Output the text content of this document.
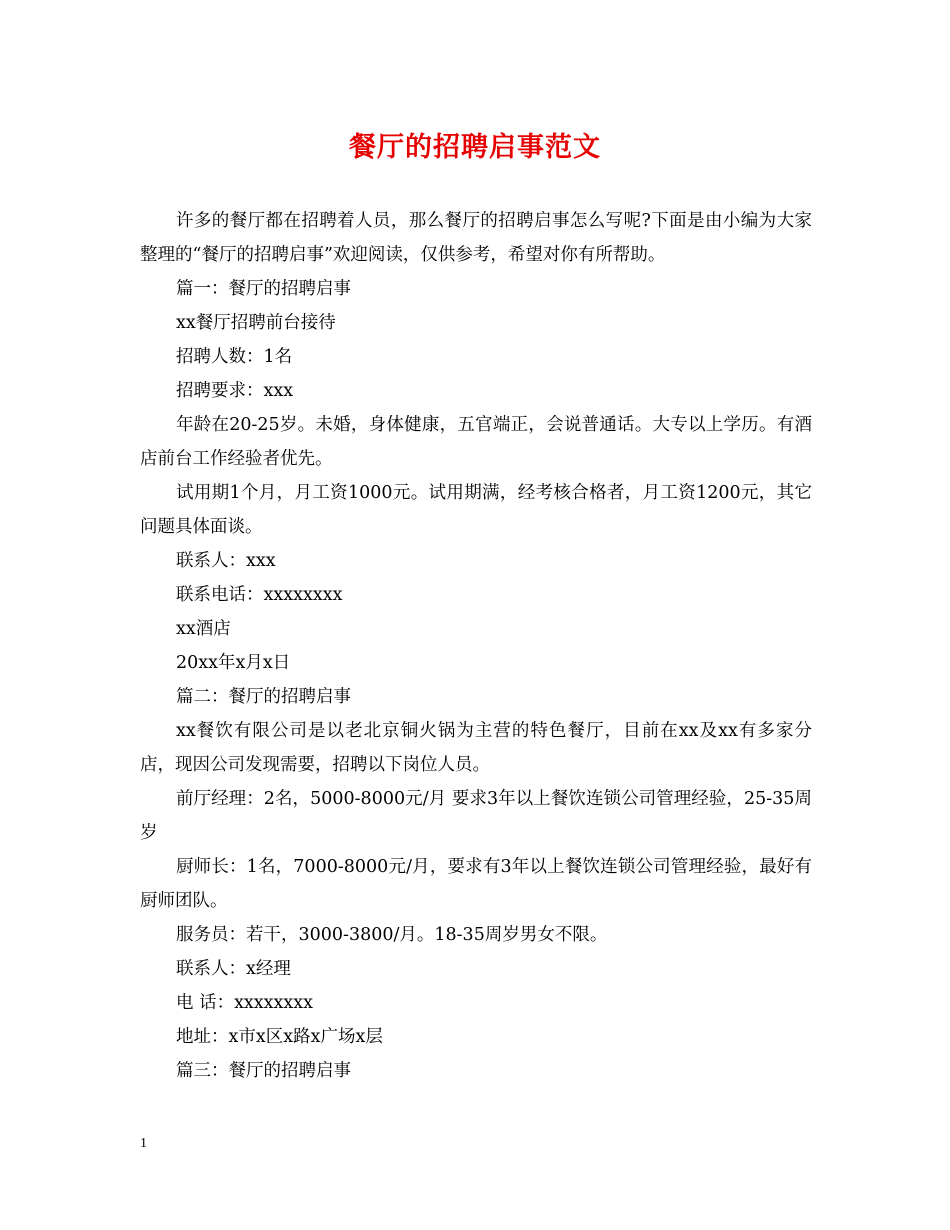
餐厅的招聘启事范文

许多的餐厅都在招聘着人员，那么餐厅的招聘启事怎么写呢?下面是由小编为大家整理的“餐厅的招聘启事”欢迎阅读，仅供参考，希望对你有所帮助。

篇一：餐厅的招聘启事

xx餐厅招聘前台接待

招聘人数：1名

招聘要求：xxx

年龄在20-25岁。未婚，身体健康，五官端正，会说普通话。大专以上学历。有酒店前台工作经验者优先。

试用期1个月，月工资1000元。试用期满，经考核合格者，月工资1200元，其它问题具体面谈。

联系人：xxx

联系电话：xxxxxxxx

xx酒店

20xx年x月x日

篇二：餐厅的招聘启事

xx餐饮有限公司是以老北京铜火锅为主营的特色餐厅，目前在xx及xx有多家分店，现因公司发现需要，招聘以下岗位人员。

前厅经理：2名，5000-8000元/月 要求3年以上餐饮连锁公司管理经验，25-35周岁

厨师长：1名，7000-8000元/月，要求有3年以上餐饮连锁公司管理经验，最好有厨师团队。

服务员：若干，3000-3800/月。18-35周岁男女不限。

联系人：x经理

电 话：xxxxxxxx

地址：x市x区x路x广场x层

篇三：餐厅的招聘启事

1
